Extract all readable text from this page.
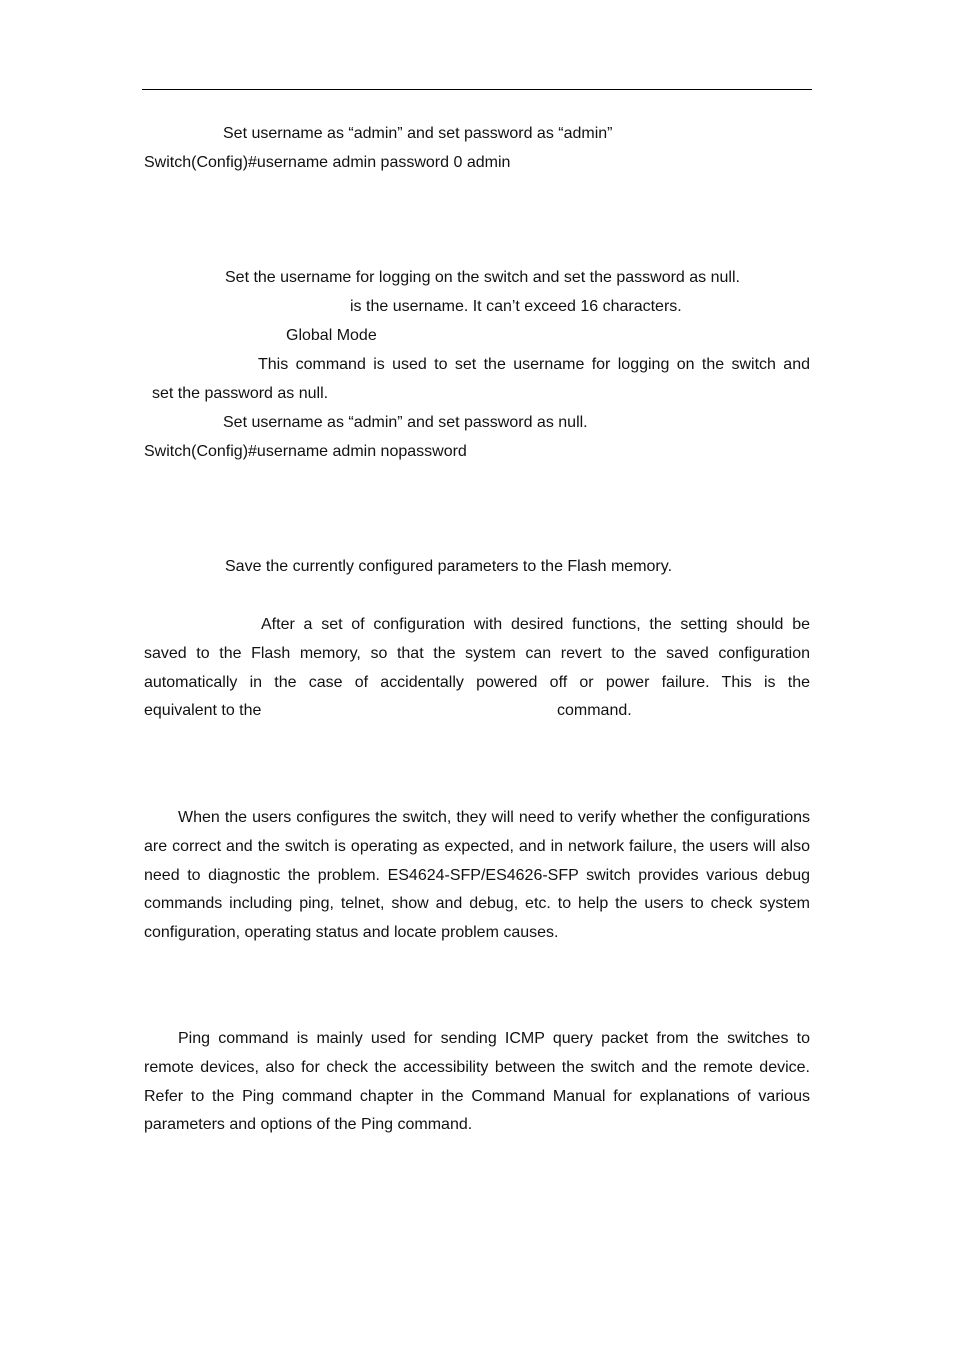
Set username as “admin” and set password as “admin”
Switch(Config)#username admin password 0 admin
Set the username for logging on the switch and set the password as null.
is the username. It can’t exceed 16 characters.
Global Mode
This command is used to set the username for logging on the switch and
set the password as null.
Set username as “admin” and set password as null.
Switch(Config)#username admin nopassword
Save the currently configured parameters to the Flash memory.
After a set of configuration with desired functions, the setting should be
saved to the Flash memory, so that the system can revert to the saved configuration
automatically in the case of accidentally powered off or power failure. This is the
equivalent to the	command.

When the users configures the switch, they will need to verify whether the configurations are correct and the switch is operating as expected, and in network failure, the users will also need to diagnostic the problem. ES4624-SFP/ES4626-SFP switch provides various debug commands including ping, telnet, show and debug, etc. to help the users to check system configuration, operating status and locate problem causes.

Ping command is mainly used for sending ICMP query packet from the switches to remote devices, also for check the accessibility between the switch and the remote device. Refer to the Ping command chapter in the Command Manual for explanations of various parameters and options of the Ping command.
